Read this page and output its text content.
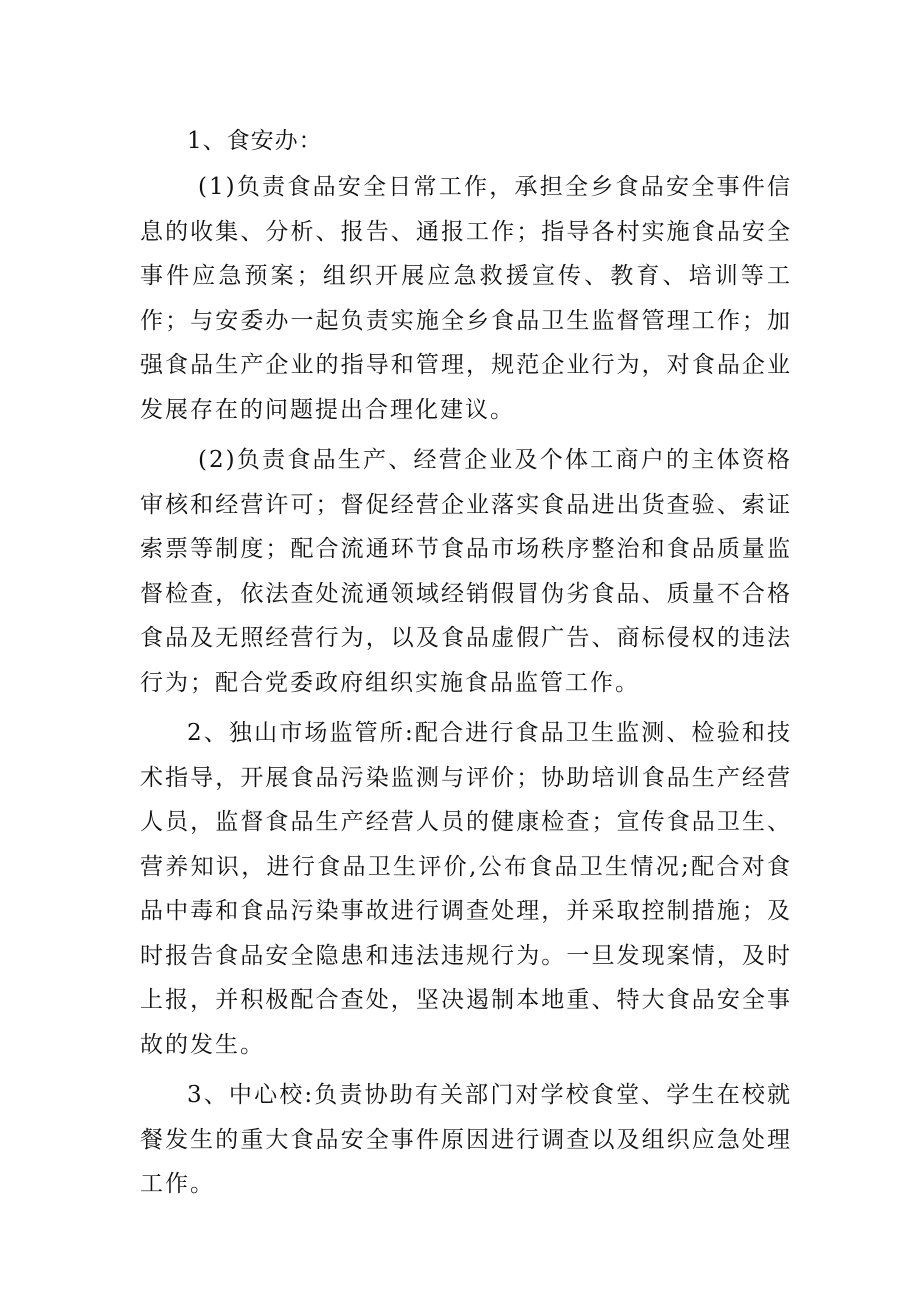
1、食安办：

(1)负责食品安全日常工作，承担全乡食品安全事件信息的收集、分析、报告、通报工作；指导各村实施食品安全事件应急预案；组织开展应急救援宣传、教育、培训等工作；与安委办一起负责实施全乡食品卫生监督管理工作；加强食品生产企业的指导和管理，规范企业行为，对食品企业发展存在的问题提出合理化建议。

(2)负责食品生产、经营企业及个体工商户的主体资格审核和经营许可；督促经营企业落实食品进出货查验、索证索票等制度；配合流通环节食品市场秩序整治和食品质量监督检查，依法查处流通领域经销假冒伪劣食品、质量不合格食品及无照经营行为，以及食品虚假广告、商标侵权的违法行为；配合党委政府组织实施食品监管工作。

2、独山市场监管所:配合进行食品卫生监测、检验和技术指导，开展食品污染监测与评价；协助培训食品生产经营人员，监督食品生产经营人员的健康检查；宣传食品卫生、营养知识，进行食品卫生评价,公布食品卫生情况;配合对食品中毒和食品污染事故进行调查处理，并采取控制措施；及时报告食品安全隐患和违法违规行为。一旦发现案情，及时上报，并积极配合查处，坚决遏制本地重、特大食品安全事故的发生。

3、中心校:负责协助有关部门对学校食堂、学生在校就餐发生的重大食品安全事件原因进行调查以及组织应急处理工作。
